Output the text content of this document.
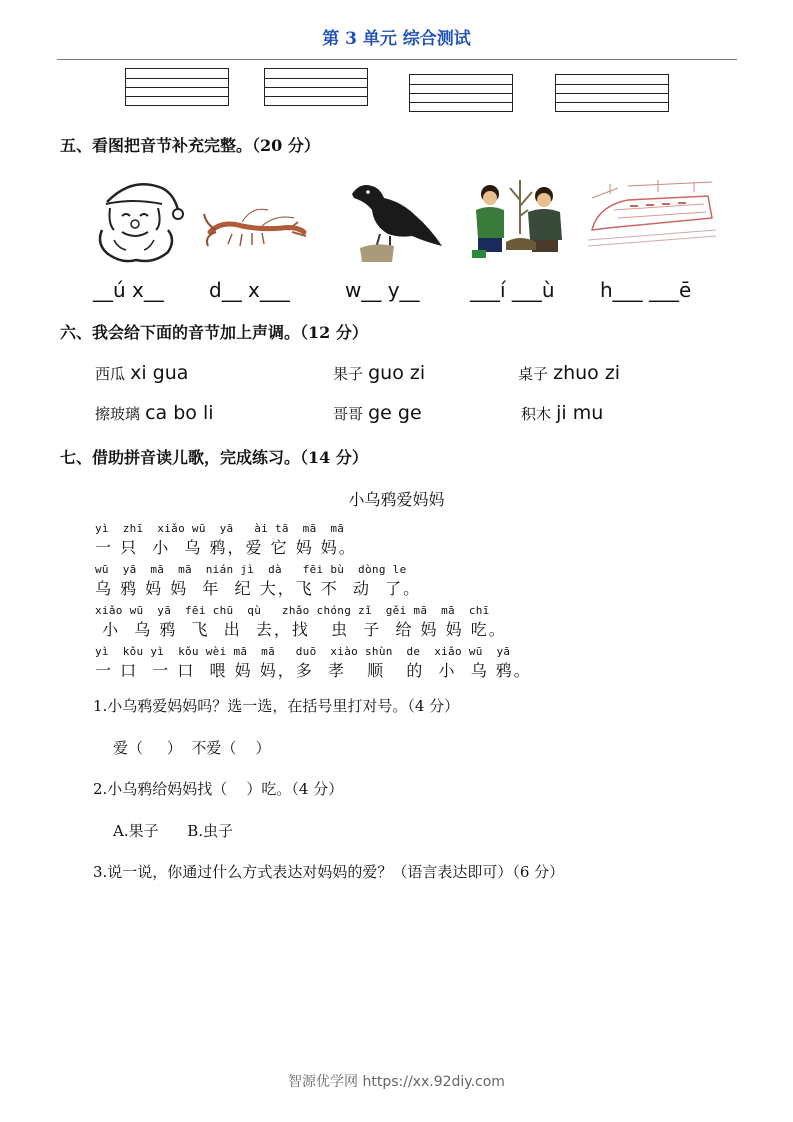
第 3 单元 综合测试
五、看图把音节补充完整。（20 分）
__ú x__ d__ x___	w__ y__	___í ___ù h___ ___ē
六、我会给下面的音节加上声调。（12 分）
西瓜 xi gua	果子 guo zi	桌子 zhuo zi
擦玻璃 ca bo li	哥哥 ge ge	积木 ji mu
七、借助拼音读儿歌，完成练习。（14 分）
小乌鸦爱妈妈
yì  zhī  xiǎo wū  yā   ài tā  mā  mā
一 只  小  乌 鸦，爱 它 妈 妈。
wū  yā  mā  mā  nián jì  dà   fēi bù  dòng le
乌 鸦 妈 妈  年  纪 大，飞 不  动  了。
xiǎo wū  yā  fēi chū  qù   zhǎo chóng zǐ  gěi mā  mā  chī
小  乌 鸦  飞  出  去，找   虫  子  给 妈 妈 吃。
yì  kǒu yì  kǒu wèi mā  mā   duō  xiào shùn  de  xiǎo wū  yā
一 口  一 口  喂 妈 妈，多  孝   顺   的  小  乌 鸦。
1.小乌鸦爱妈妈吗？选一选，在括号里打对号。（4 分）
爱（     ）  不爱（    ）
2.小乌鸦给妈妈找（    ）吃。（4 分）
A.果子      B.虫子
3.说一说，你通过什么方式表达对妈妈的爱？（语言表达即可）（6 分）
智源优学网 https://xx.92diy.com
